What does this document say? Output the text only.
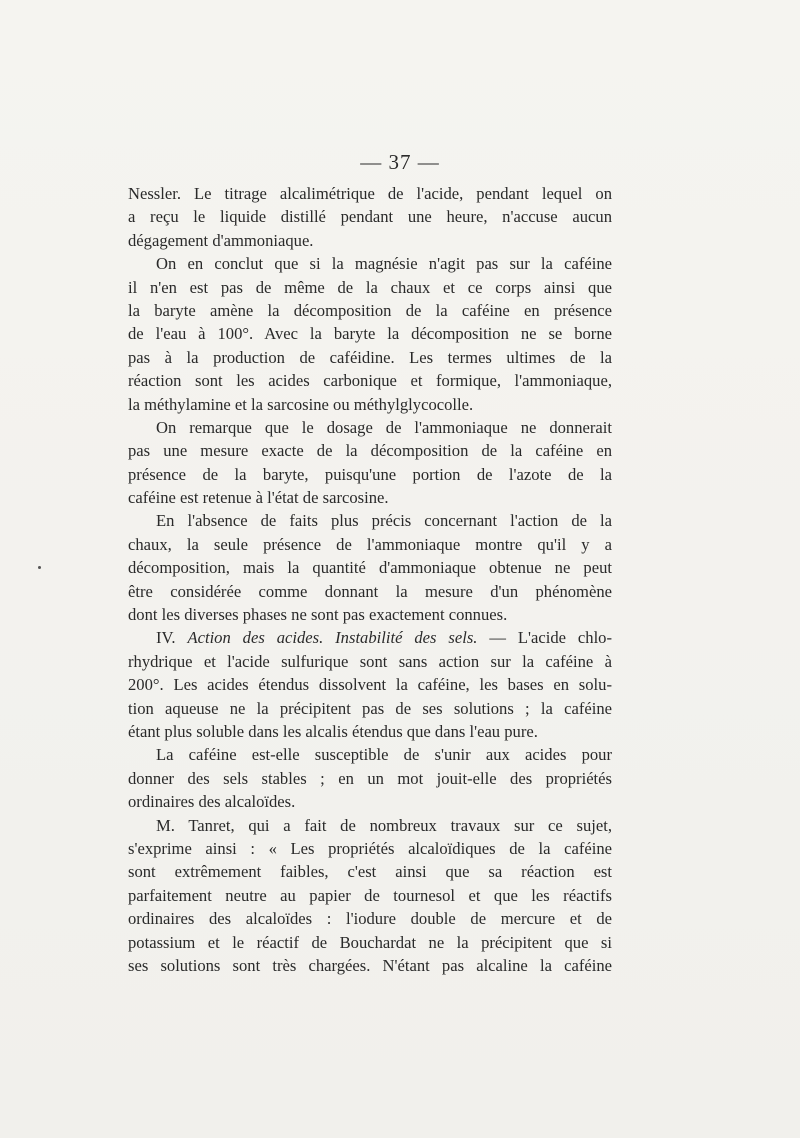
— 37 —
Nessler. Le titrage alcalimétrique de l'acide, pendant lequel on
a reçu le liquide distillé pendant une heure, n'accuse aucun
dégagement d'ammoniaque.
On en conclut que si la magnésie n'agit pas sur la caféine
il n'en est pas de même de la chaux et ce corps ainsi que
la baryte amène la décomposition de la caféine en présence
de l'eau à 100°. Avec la baryte la décomposition ne se borne
pas à la production de caféidine. Les termes ultimes de la
réaction sont les acides carbonique et formique, l'ammoniaque,
la méthylamine et la sarcosine ou méthylglycocolle.
On remarque que le dosage de l'ammoniaque ne donnerait
pas une mesure exacte de la décomposition de la caféine en
présence de la baryte, puisqu'une portion de l'azote de la
caféine est retenue à l'état de sarcosine.
En l'absence de faits plus précis concernant l'action de la
chaux, la seule présence de l'ammoniaque montre qu'il y a
décomposition, mais la quantité d'ammoniaque obtenue ne peut
être considérée comme donnant la mesure d'un phénomène
dont les diverses phases ne sont pas exactement connues.
IV. Action des acides. Instabilité des sels. — L'acide chlo-
rhydrique et l'acide sulfurique sont sans action sur la caféine à
200°. Les acides étendus dissolvent la caféine, les bases en solu-
tion aqueuse ne la précipitent pas de ses solutions ; la caféine
étant plus soluble dans les alcalis étendus que dans l'eau pure.
La caféine est-elle susceptible de s'unir aux acides pour
donner des sels stables ; en un mot jouit-elle des propriétés
ordinaires des alcaloïdes.
M. Tanret, qui a fait de nombreux travaux sur ce sujet,
s'exprime ainsi : « Les propriétés alcaloïdiques de la caféine
sont extrêmement faibles, c'est ainsi que sa réaction est
parfaitement neutre au papier de tournesol et que les réactifs
ordinaires des alcaloïdes : l'iodure double de mercure et de
potassium et le réactif de Bouchardat ne la précipitent que si
ses solutions sont très chargées. N'étant pas alcaline la caféine
